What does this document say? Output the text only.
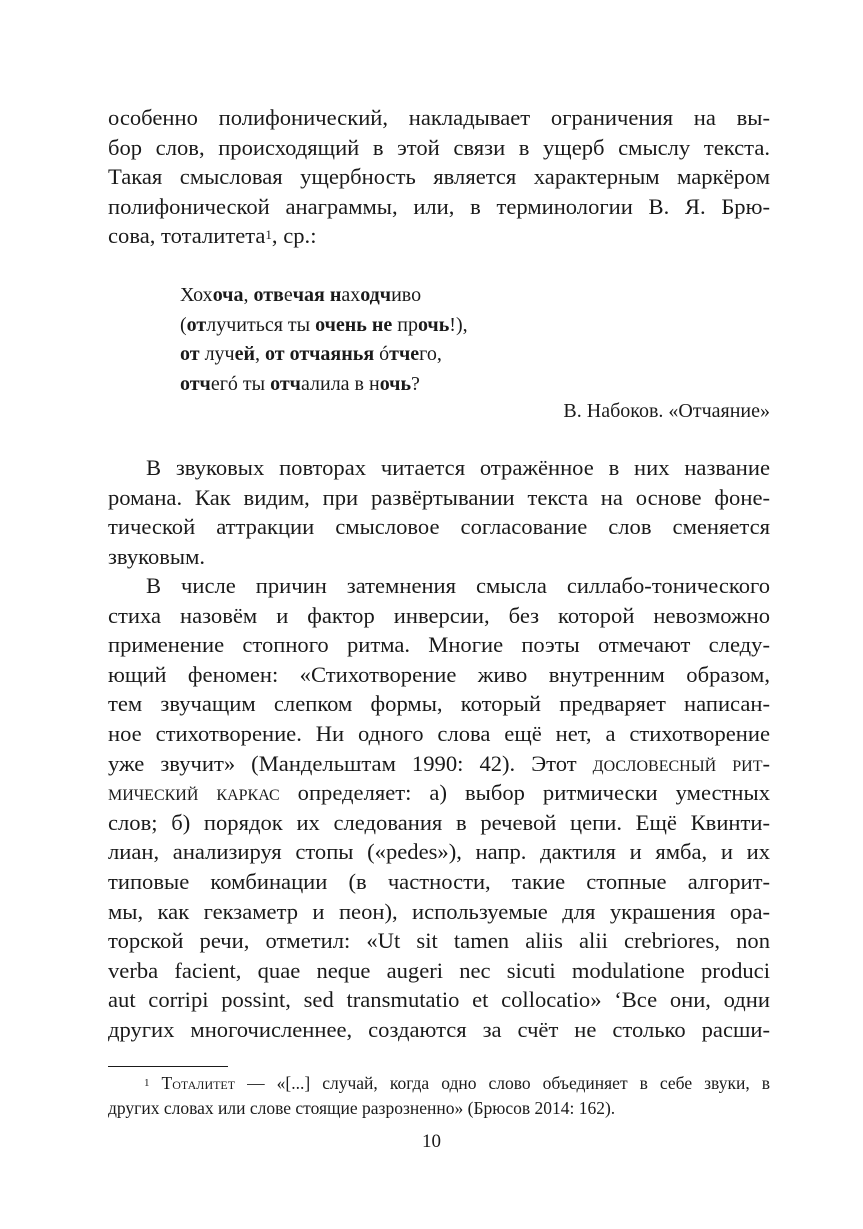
особенно полифонический, накладывает ограничения на вы-
бор слов, происходящий в этой связи в ущерб смыслу текста.
Такая смысловая ущербность является характерным маркёром
полифонической анаграммы, или, в терминологии В. Я. Брю-
сова, тоталитета$^1$, ср.:

Хохоча, отвечая находчиво
(отлучиться ты очень не прочь!),
от лучей, от отчаянья óтчего,
отчегó ты отчалила в ночь?
В. Набоков. «Отчаяние»

В звуковых повторах читается отражённое в них название
романа. Как видим, при развёртывании текста на основе фоне-
тической аттракции смысловое согласование слов сменяется
звуковым.

В числе причин затемнения смысла силлабо-тонического
стиха назовём и фактор инверсии, без которой невозможно
применение стопного ритма. Многие поэты отмечают следу-
ющий феномен: «Стихотворение живо внутренним образом,
тем звучащим слепком формы, который предваряет написан-
ное стихотворение. Ни одного слова ещё нет, а стихотворение
уже звучит» (Мандельштам 1990: 42). Этот дословесный рит-
мический каркас определяет: а) выбор ритмически уместных
слов; б) порядок их следования в речевой цепи. Ещё Квинти-
лиан, анализируя стопы («pedes»), напр. дактиля и ямба, и их
типовые комбинации (в частности, такие стопные алгорит-
мы, как гекзаметр и пеон), используемые для украшения ора-
торской речи, отметил: «Ut sit tamen aliis alii crebriores, non
verba facient, quae neque augeri nec sicuti modulatione produci
aut corripi possint, sed transmutatio et collocatio» ‘Все они, одни
других многочисленнее, создаются за счёт не столько расши-

$^1$ Тоталитет — «[...] случай, когда одно слово объединяет в себе звуки, в
других словах или слове стоящие разрозненно» (Брюсов 2014: 162).
10
